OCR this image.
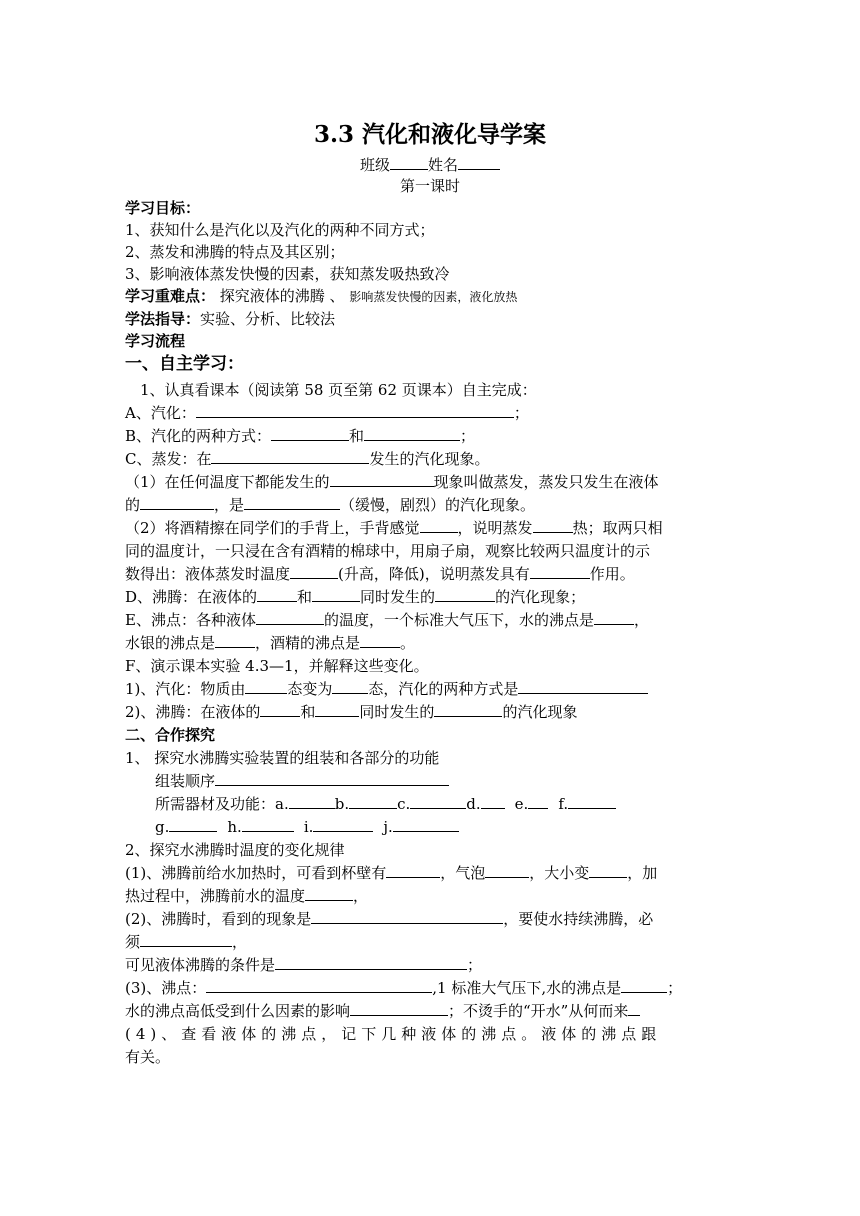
3.3 汽化和液化导学案
班级	姓名
第一课时
学习目标：
1、获知什么是汽化以及汽化的两种不同方式；
2、蒸发和沸腾的特点及其区别；
3、影响液体蒸发快慢的因素，获知蒸发吸热致冷
学习重难点： 探究液体的沸腾 、 影响蒸发快慢的因素，液化放热
学法指导：实验、分析、比较法
学习流程
一、自主学习：
1、认真看课本（阅读第 58 页至第 62 页课本）自主完成：
A、汽化：	；
B、汽化的两种方式：	和	；
C、蒸发：在	发生的汽化现象。
（1）在任何温度下都能发生的	现象叫做蒸发，蒸发只发生在液体
的	，是	（缓慢，剧烈）的汽化现象。
（2）将酒精擦在同学们的手背上，手背感觉	，说明蒸发	热；取两只相
同的温度计，一只浸在含有酒精的棉球中，用扇子扇，观察比较两只温度计的示
数得出：液体蒸发时温度	(升高，降低)，说明蒸发具有	作用。
D、沸腾：在液体的	和	同时发生的	的汽化现象；
E、沸点：各种液体	的温度，一个标准大气压下，水的沸点是	，
水银的沸点是	，酒精的沸点是	。
F、演示课本实验 4.3—1，并解释这些变化。
1)、汽化：物质由	态变为 态，汽化的两种方式是
2)、沸腾：在液体的	和	同时发生的	的汽化现象
二、合作探究
1、 探究水沸腾实验装置的组装和各部分的功能
组装顺序
所需器材及功能：a.	b.	c.	d. e. f.
g.	h.	i.	j.
2、探究水沸腾时温度的变化规律
(1)、沸腾前给水加热时，可看到杯壁有	，气泡	，大小变	，加
热过程中，沸腾前水的温度	，
(2)、沸腾时，看到的现象是	，要使水持续沸腾，必
须	，
可见液体沸腾的条件是	；
(3)、沸点：	,1 标准大气压下,水的沸点是	；
水的沸点高低受到什么因素的影响	；不烫手的“开水”从何而来
(4)、查看液体的沸点，记下几种液体的沸点。液体的沸点跟
有关。
